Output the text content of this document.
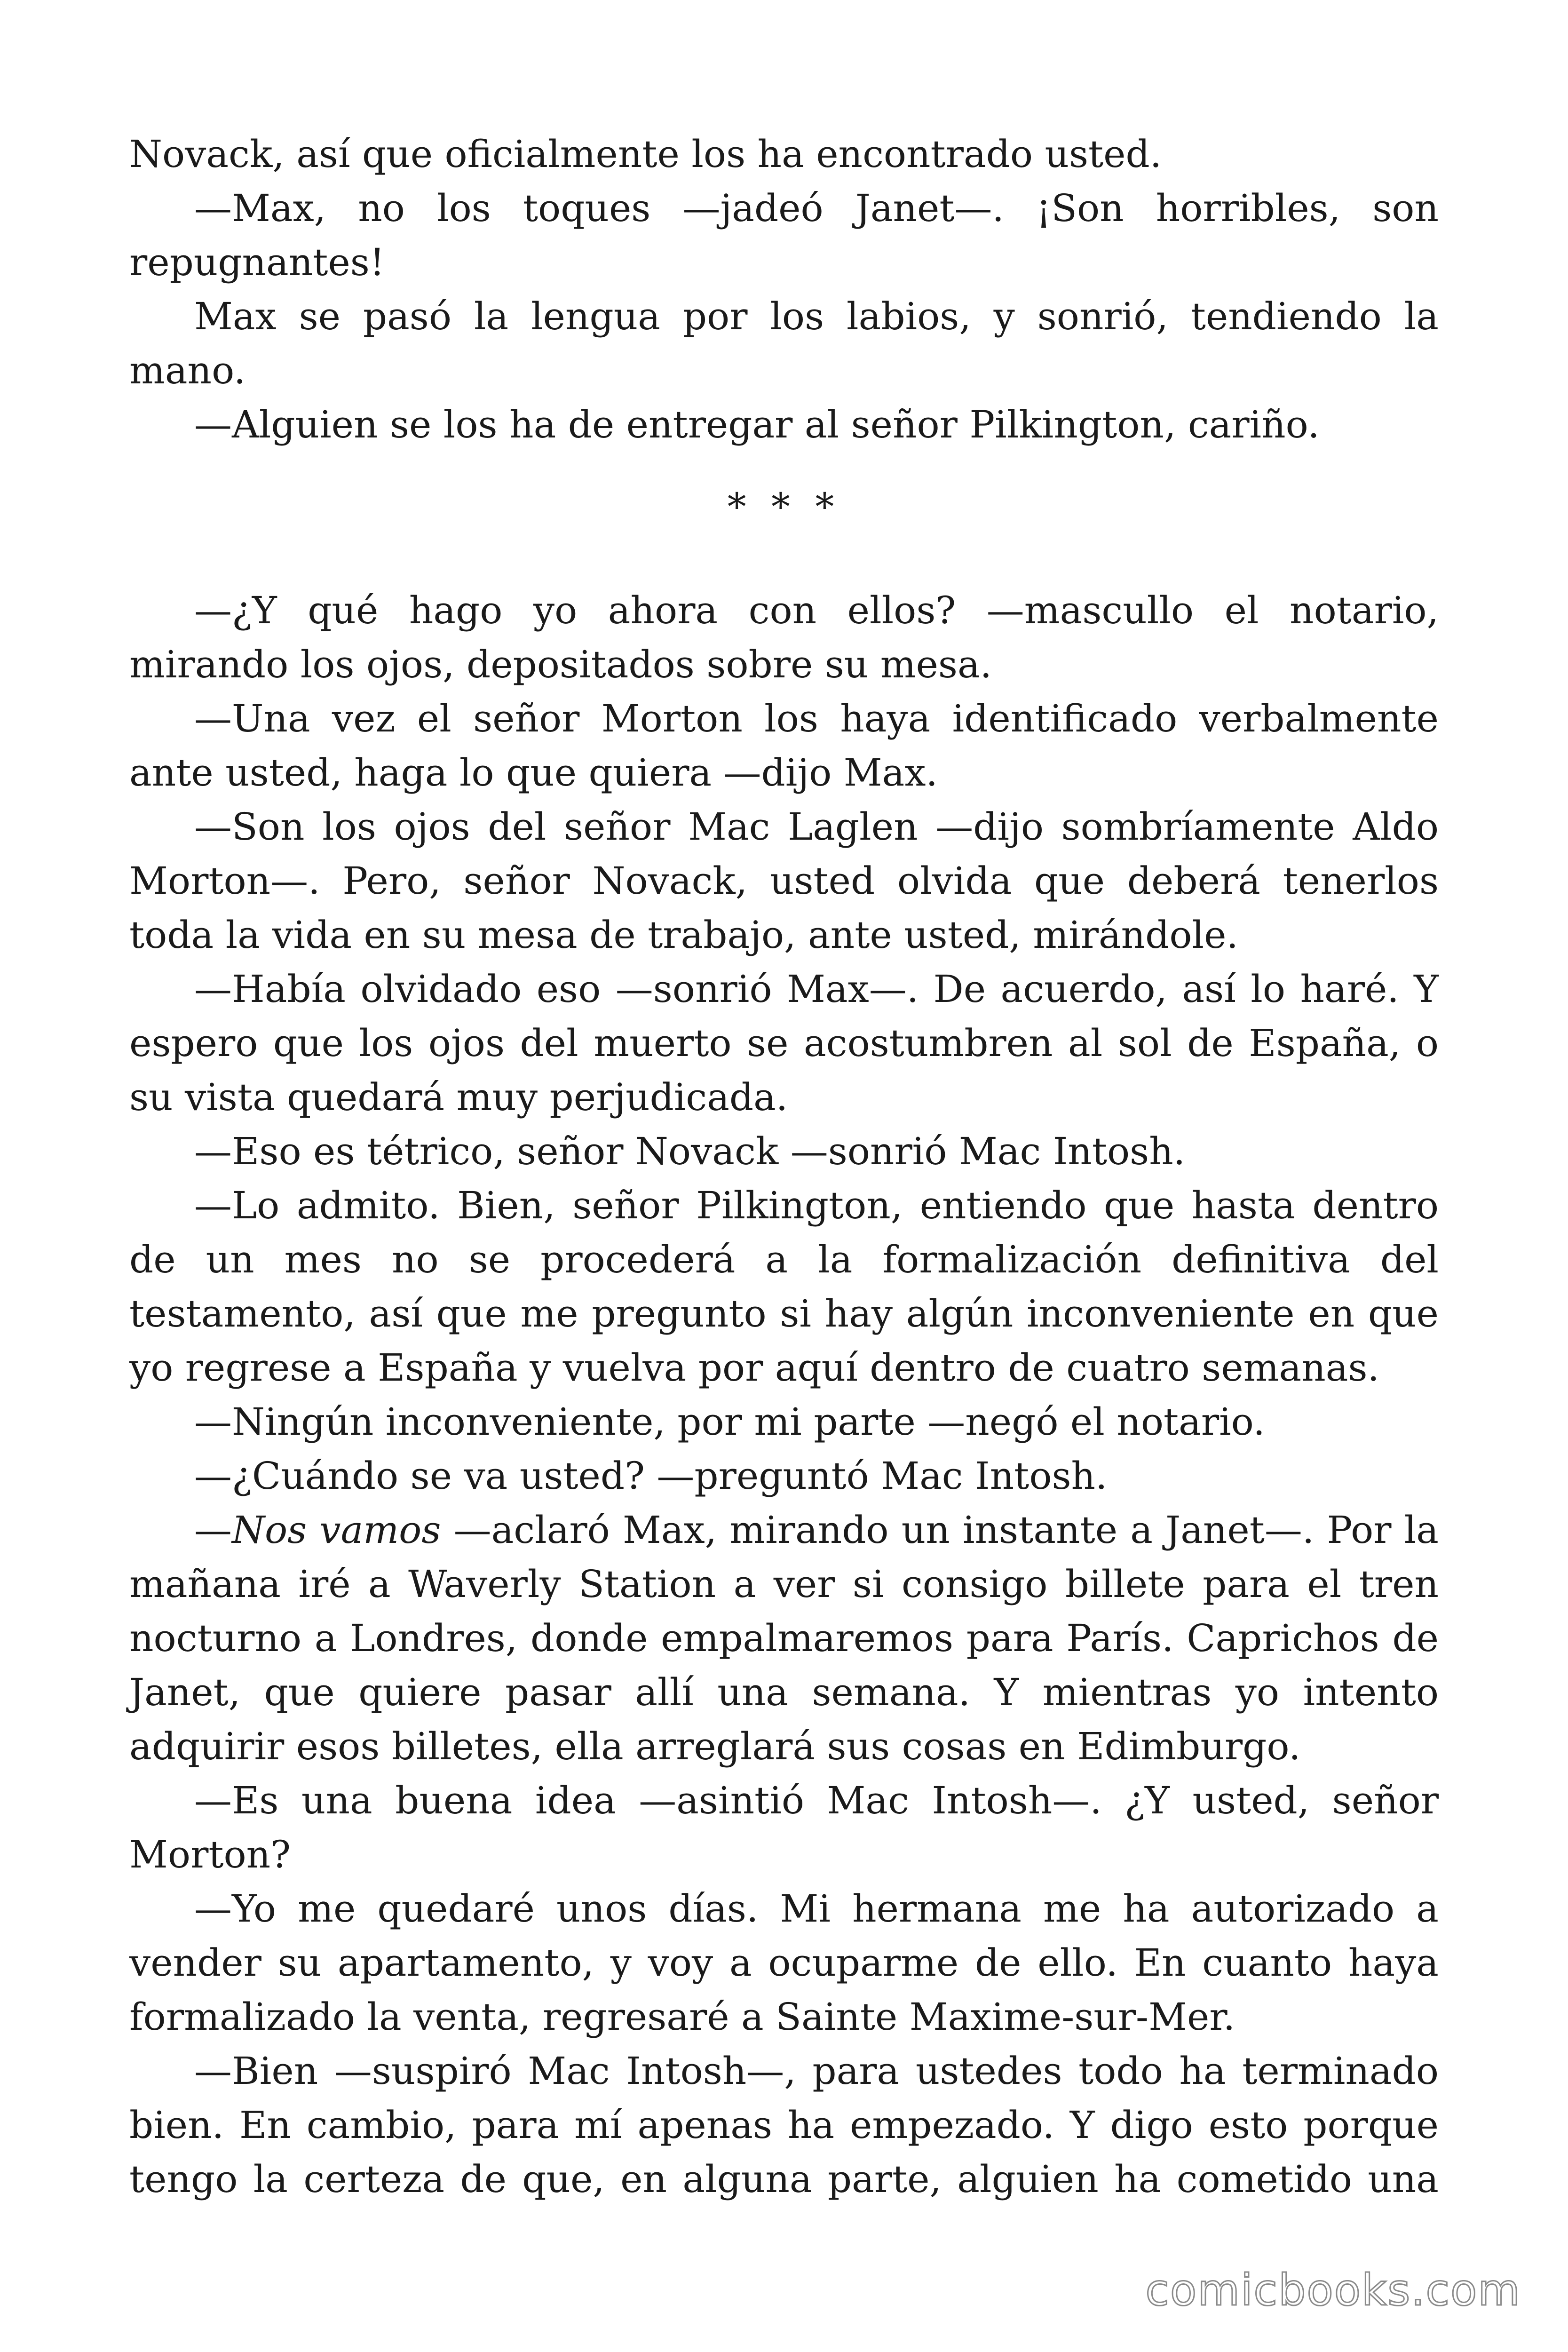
Novack, así que oficialmente los ha encontrado usted.

—Max, no los toques —jadeó Janet—. ¡Son horribles, son repugnantes!

Max se pasó la lengua por los labios, y sonrió, tendiendo la mano.

—Alguien se los ha de entregar al señor Pilkington, cariño.

* * *

—¿Y qué hago yo ahora con ellos? —mascullo el notario, mirando los ojos, depositados sobre su mesa.

—Una vez el señor Morton los haya identificado verbalmente ante usted, haga lo que quiera —dijo Max.

—Son los ojos del señor Mac Laglen —dijo sombríamente Aldo Morton—. Pero, señor Novack, usted olvida que deberá tenerlos toda la vida en su mesa de trabajo, ante usted, mirándole.

—Había olvidado eso —sonrió Max—. De acuerdo, así lo haré. Y espero que los ojos del muerto se acostumbren al sol de España, o su vista quedará muy perjudicada.

—Eso es tétrico, señor Novack —sonrió Mac Intosh.

—Lo admito. Bien, señor Pilkington, entiendo que hasta dentro de un mes no se procederá a la formalización definitiva del testamento, así que me pregunto si hay algún inconveniente en que yo regrese a España y vuelva por aquí dentro de cuatro semanas.

—Ningún inconveniente, por mi parte —negó el notario.

—¿Cuándo se va usted? —preguntó Mac Intosh.

—Nos vamos —aclaró Max, mirando un instante a Janet—. Por la mañana iré a Waverly Station a ver si consigo billete para el tren nocturno a Londres, donde empalmaremos para París. Caprichos de Janet, que quiere pasar allí una semana. Y mientras yo intento adquirir esos billetes, ella arreglará sus cosas en Edimburgo.

—Es una buena idea —asintió Mac Intosh—. ¿Y usted, señor Morton?

—Yo me quedaré unos días. Mi hermana me ha autorizado a vender su apartamento, y voy a ocuparme de ello. En cuanto haya formalizado la venta, regresaré a Sainte Maxime-sur-Mer.

—Bien —suspiró Mac Intosh—, para ustedes todo ha terminado bien. En cambio, para mí apenas ha empezado. Y digo esto porque tengo la certeza de que, en alguna parte, alguien ha cometido una

comicbooks.com
